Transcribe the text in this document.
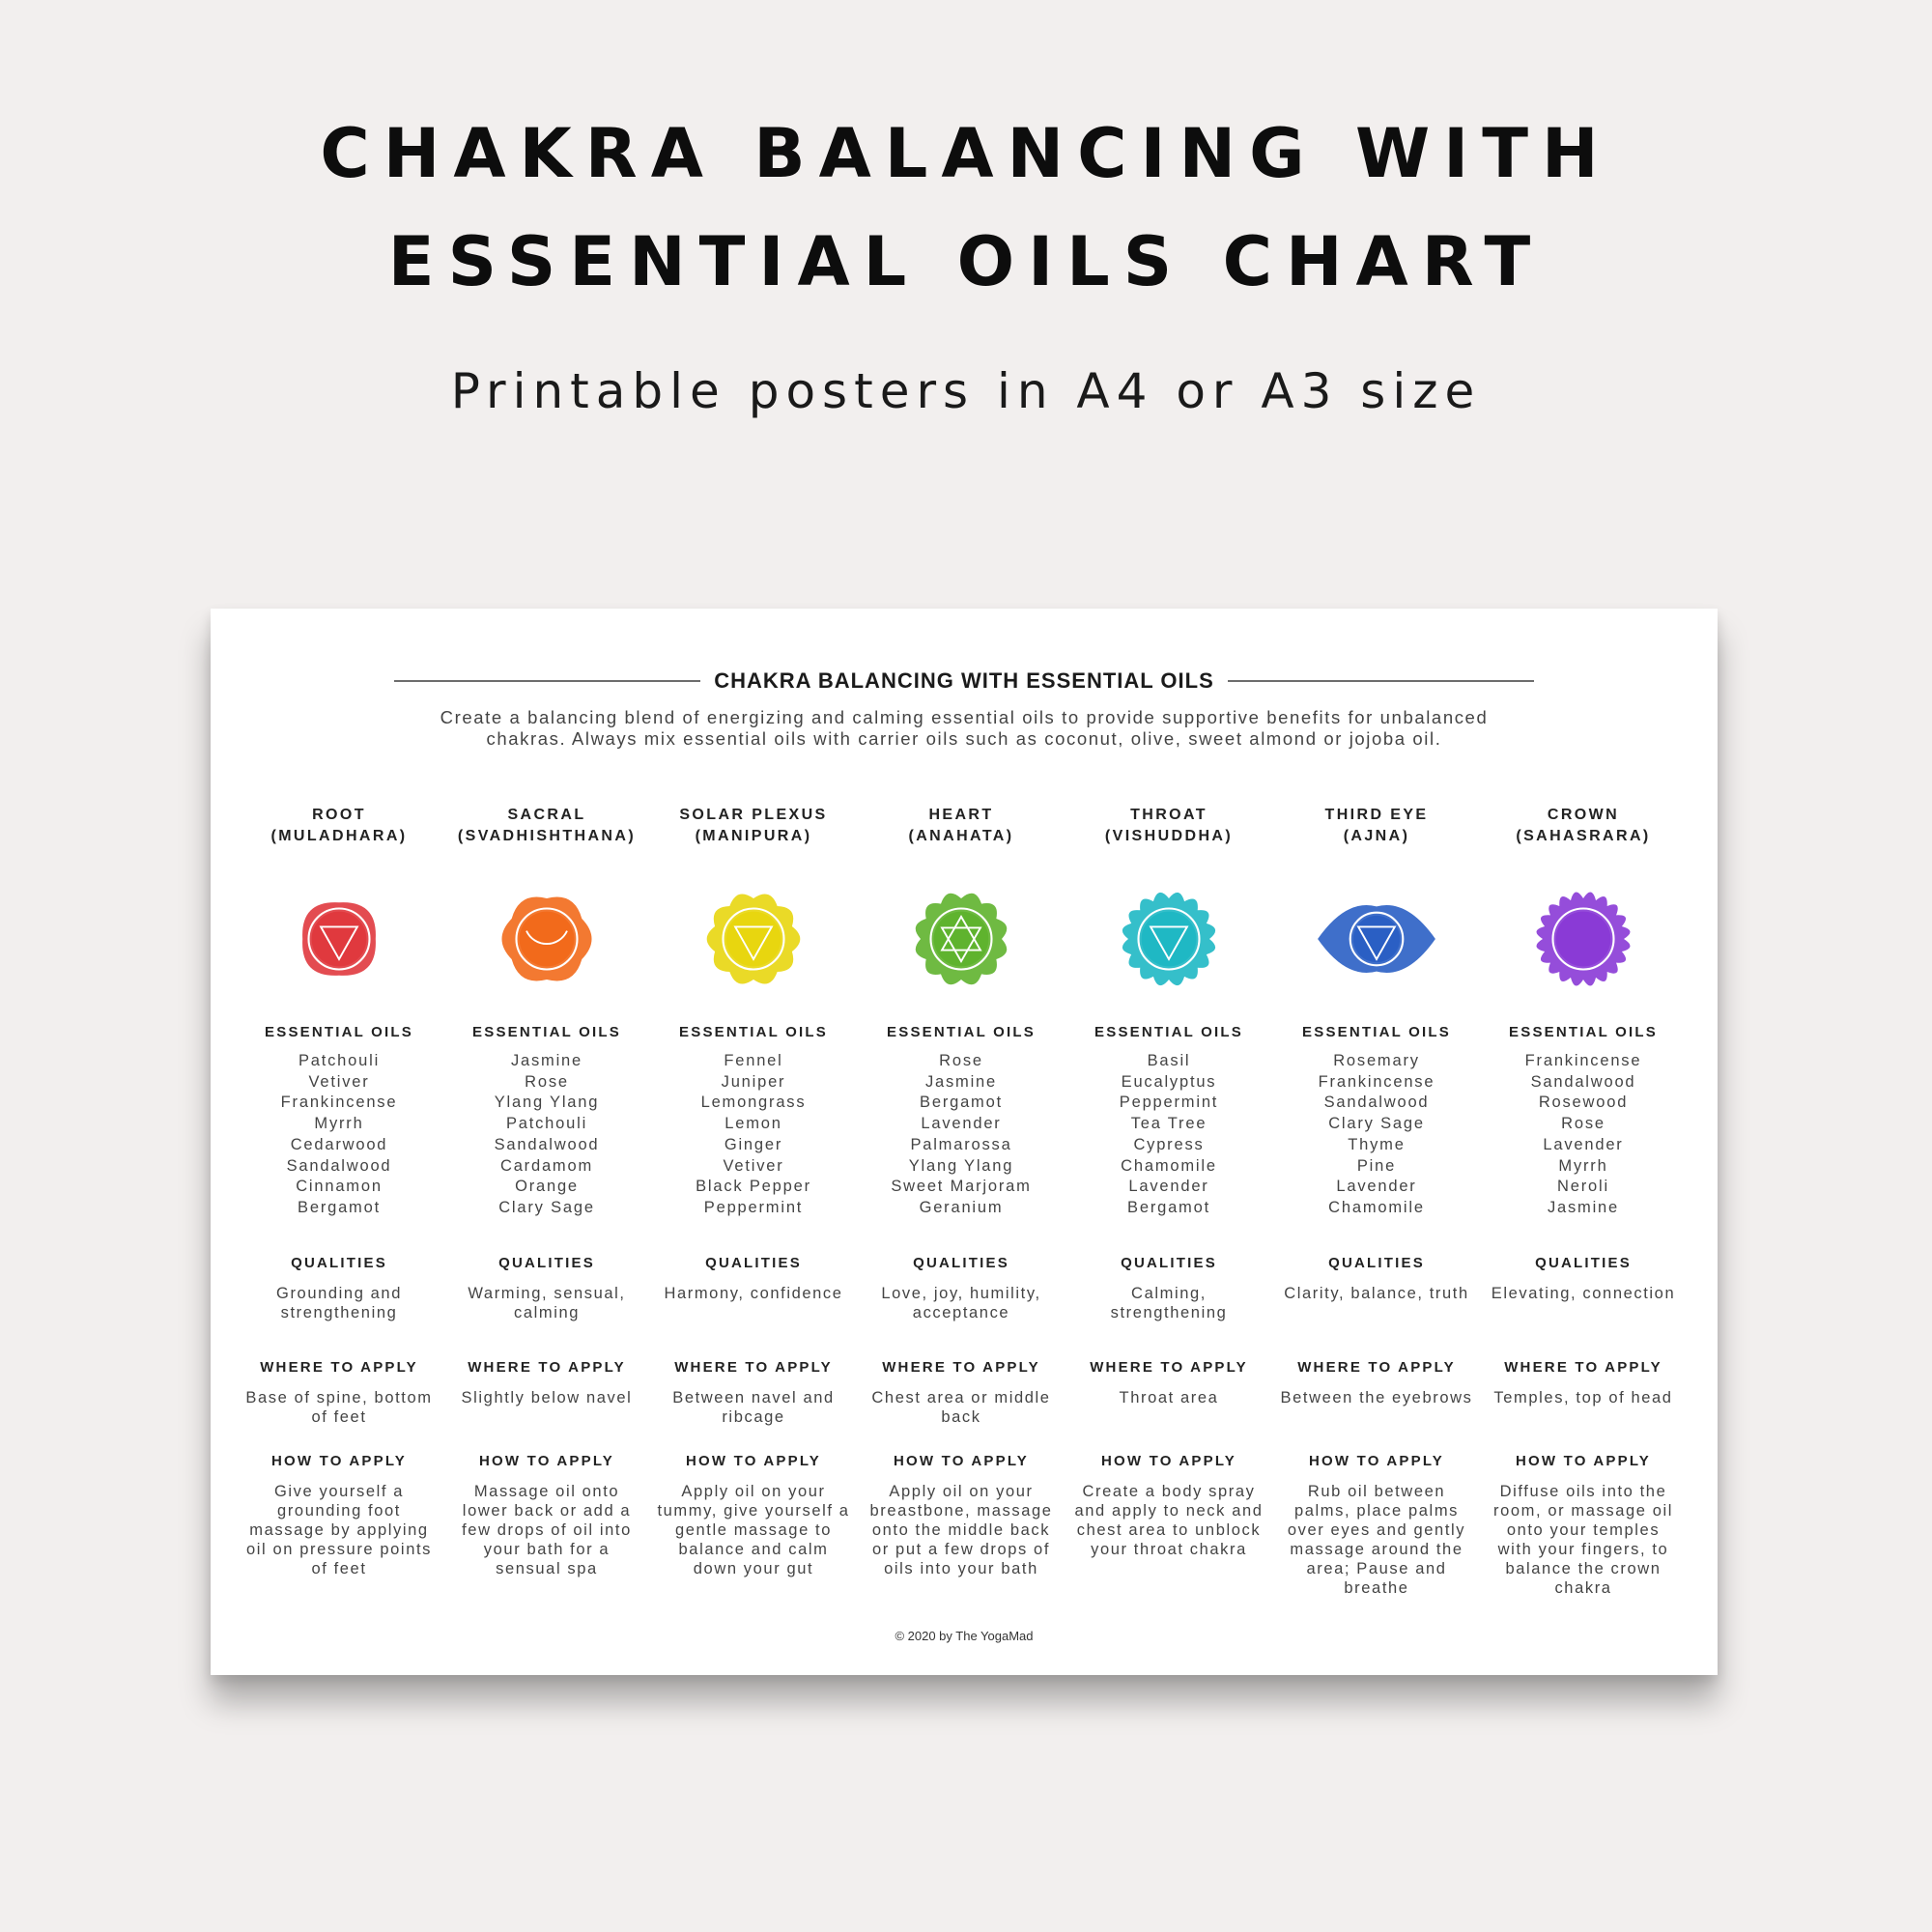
CHAKRA BALANCING WITH
ESSENTIAL OILS CHART
Printable posters in A4 or A3 size
CHAKRA BALANCING WITH ESSENTIAL OILS
Create a balancing blend of energizing and calming essential oils to provide supportive benefits for unbalanced
chakras. Always mix essential oils with carrier oils such as coconut, olive, sweet almond or jojoba oil.
© 2020 by The YogaMad
ROOT
(MULADHARA)
ESSENTIAL OILS
Patchouli
Vetiver
Frankincense
Myrrh
Cedarwood
Sandalwood
Cinnamon
Bergamot
QUALITIES
Grounding and strengthening
WHERE TO APPLY
Base of spine, bottom of feet
HOW TO APPLY
Give yourself a grounding foot massage by applying oil on pressure points of feet
SACRAL
(SVADHISHTHANA)
ESSENTIAL OILS
Jasmine
Rose
Ylang Ylang
Patchouli
Sandalwood
Cardamom
Orange
Clary Sage
QUALITIES
Warming, sensual, calming
WHERE TO APPLY
Slightly below navel
HOW TO APPLY
Massage oil onto lower back or add a few drops of oil into your bath for a sensual spa
SOLAR PLEXUS
(MANIPURA)
ESSENTIAL OILS
Fennel
Juniper
Lemongrass
Lemon
Ginger
Vetiver
Black Pepper
Peppermint
QUALITIES
Harmony, confidence
WHERE TO APPLY
Between navel and ribcage
HOW TO APPLY
Apply oil on your tummy, give yourself a gentle massage to balance and calm down your gut
HEART
(ANAHATA)
ESSENTIAL OILS
Rose
Jasmine
Bergamot
Lavender
Palmarossa
Ylang Ylang
Sweet Marjoram
Geranium
QUALITIES
Love, joy, humility, acceptance
WHERE TO APPLY
Chest area or middle back
HOW TO APPLY
Apply oil on your breastbone, massage onto the middle back or put a few drops of oils into your bath
THROAT
(VISHUDDHA)
ESSENTIAL OILS
Basil
Eucalyptus
Peppermint
Tea Tree
Cypress
Chamomile
Lavender
Bergamot
QUALITIES
Calming, strengthening
WHERE TO APPLY
Throat area
HOW TO APPLY
Create a body spray and apply to neck and chest area to unblock your throat chakra
THIRD EYE
(AJNA)
ESSENTIAL OILS
Rosemary
Frankincense
Sandalwood
Clary Sage
Thyme
Pine
Lavender
Chamomile
QUALITIES
Clarity, balance, truth
WHERE TO APPLY
Between the eyebrows
HOW TO APPLY
Rub oil between palms, place palms over eyes and gently massage around the area; Pause and breathe
CROWN
(SAHASRARA)
ESSENTIAL OILS
Frankincense
Sandalwood
Rosewood
Rose
Lavender
Myrrh
Neroli
Jasmine
QUALITIES
Elevating, connection
WHERE TO APPLY
Temples, top of head
HOW TO APPLY
Diffuse oils into the room, or massage oil onto your temples with your fingers, to balance the crown chakra
